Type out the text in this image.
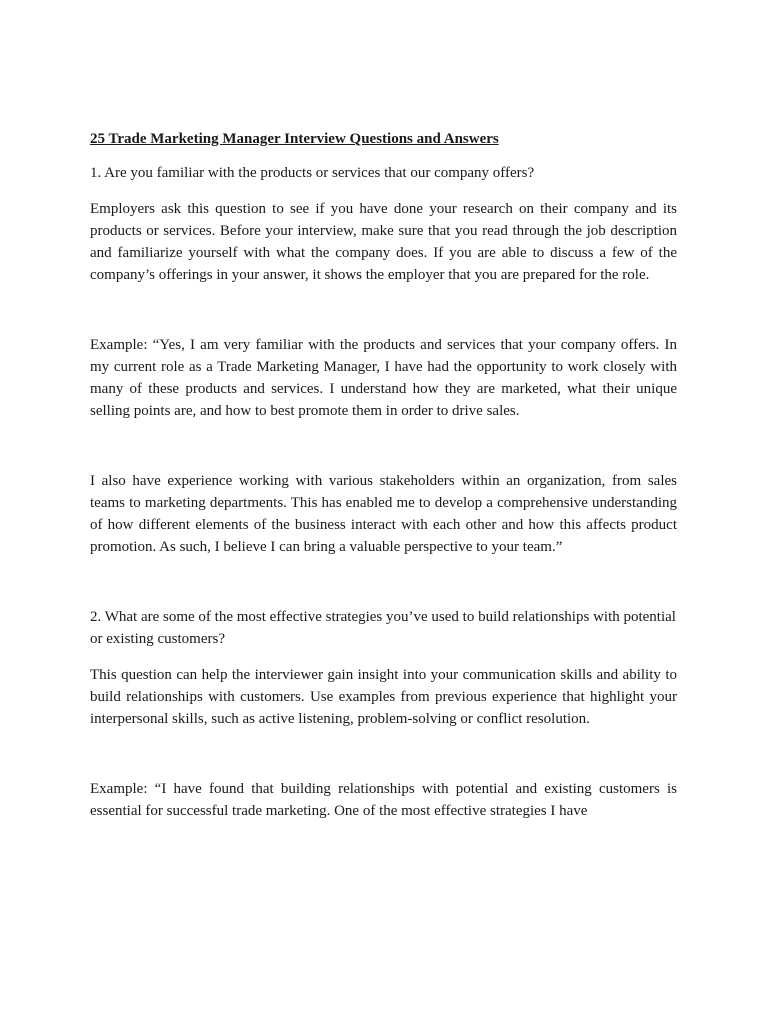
25 Trade Marketing Manager Interview Questions and Answers
1. Are you familiar with the products or services that our company offers?

Employers ask this question to see if you have done your research on their company and its products or services. Before your interview, make sure that you read through the job description and familiarize yourself with what the company does. If you are able to discuss a few of the company’s offerings in your answer, it shows the employer that you are prepared for the role.

Example: “Yes, I am very familiar with the products and services that your company offers. In my current role as a Trade Marketing Manager, I have had the opportunity to work closely with many of these products and services. I understand how they are marketed, what their unique selling points are, and how to best promote them in order to drive sales.

I also have experience working with various stakeholders within an organization, from sales teams to marketing departments. This has enabled me to develop a comprehensive understanding of how different elements of the business interact with each other and how this affects product promotion. As such, I believe I can bring a valuable perspective to your team.”

2. What are some of the most effective strategies you’ve used to build relationships with potential or existing customers?

This question can help the interviewer gain insight into your communication skills and ability to build relationships with customers. Use examples from previous experience that highlight your interpersonal skills, such as active listening, problem-solving or conflict resolution.

Example: “I have found that building relationships with potential and existing customers is essential for successful trade marketing. One of the most effective strategies I have
